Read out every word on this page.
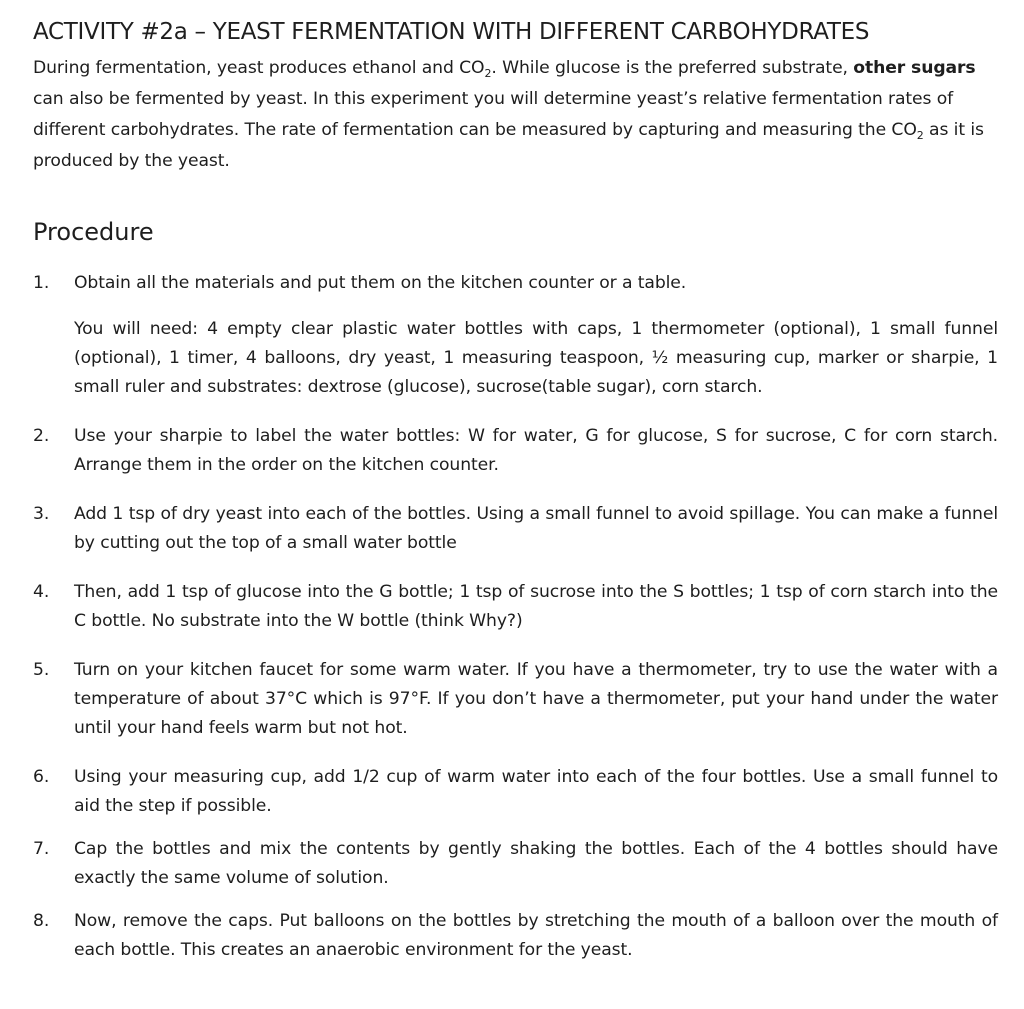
ACTIVITY #2a – YEAST FERMENTATION WITH DIFFERENT CARBOHYDRATES

During fermentation, yeast produces ethanol and $CO_2$. While glucose is the preferred substrate, other sugars can also be fermented by yeast. In this experiment you will determine yeast’s relative fermentation rates of different carbohydrates. The rate of fermentation can be measured by capturing and measuring the $CO_2$ as it is produced by the yeast.

Procedure
1.	Obtain all the materials and put them on the kitchen counter or a table.
You will need: 4 empty clear plastic water bottles with caps, 1 thermometer (optional), 1 small funnel (optional), 1 timer, 4 balloons, dry yeast, 1 measuring teaspoon, ½ measuring cup, marker or sharpie, 1 small ruler and substrates: dextrose (glucose), sucrose(table sugar), corn starch.
2.	Use your sharpie to label the water bottles: W for water, G for glucose, S for sucrose, C for corn starch. Arrange them in the order on the kitchen counter.
3.	Add 1 tsp of dry yeast into each of the bottles. Using a small funnel to avoid spillage. You can make a funnel by cutting out the top of a small water bottle
4.	Then, add 1 tsp of glucose into the G bottle; 1 tsp of sucrose into the S bottles; 1 tsp of corn starch into the C bottle. No substrate into the W bottle (think Why?)
5.	Turn on your kitchen faucet for some warm water. If you have a thermometer, try to use the water with a temperature of about 37°C which is 97°F. If you don’t have a thermometer, put your hand under the water until your hand feels warm but not hot.
6.	Using your measuring cup, add 1/2 cup of warm water into each of the four bottles. Use a small funnel to aid the step if possible.
7.	Cap the bottles and mix the contents by gently shaking the bottles. Each of the 4 bottles should have exactly the same volume of solution.
8.	Now, remove the caps. Put balloons on the bottles by stretching the mouth of a balloon over the mouth of each bottle. This creates an anaerobic environment for the yeast.
